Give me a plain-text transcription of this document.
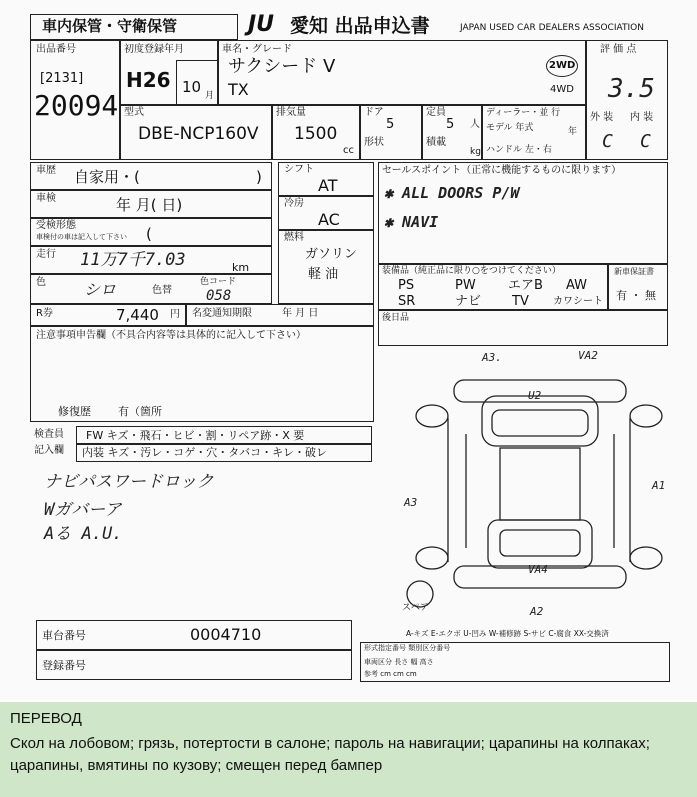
車内保管・守衛保管	JU 愛知 出品申込書	JAPAN USED CAR DEALERS ASSOCIATION
出品番号
[2131]
20094
初度登録年月
H26 10 月
車名・グレード
サクシード V
TX
2WD
4WD
評 価 点
3.5
外 装 内 装
C C
型式
DBE-NCP160V
排気量
1500
cc
ドア
5
形状
定員
5 人
積載
kg
ディーラー・並 行
モデル 年式	年
ハンドル 左・右
車歴 自家用・(	)
車検	年 月( 日)
受検形態
車検付の車は記入して下さい (
走行 11万7千7.03	km
色 シロ	色替
色コード
058
シフト
AT
冷房
AC
燃料
ガソリン
軽 油
セールスポイント（正常に機能するものに限ります）
✱ ALL DOORS P/W
✱ NAVI
装備品（純正品に限り○をつけてください）
PS	PW エアB AW
SR	ナビ TV カワシート
新車保証書
有 ・ 無
R券	7,440 円 名変通知期限	年 月 日	後日品
注意事項申告欄（不具合内容等は具体的に記入して下さい）
修復歴 有（箇所
検査員
記入欄
FW キズ・飛石・ヒビ・割・リペア跡・X 要
内装 キズ・汚レ・コゲ・穴・タバコ・キレ・破レ
ナビパスワードロック
Wガバーア
Aる A.U.
A3.	VA2
U2
A1
A3
VA4
A2
スペア
A-キズ E-エクボ U-凹み W-補修跡 S-サビ C-腐食 XX-交換済
車台番号	0004710
登録番号
形式指定番号 類別区分番号
車両区分 長さ 幅 高さ
参考 cm cm cm
ПЕРЕВОД

Скол на лобовом; грязь, потертости в салоне; пароль на навигации; царапины на колпаках; царапины, вмятины по кузову; смещен перед бампер
